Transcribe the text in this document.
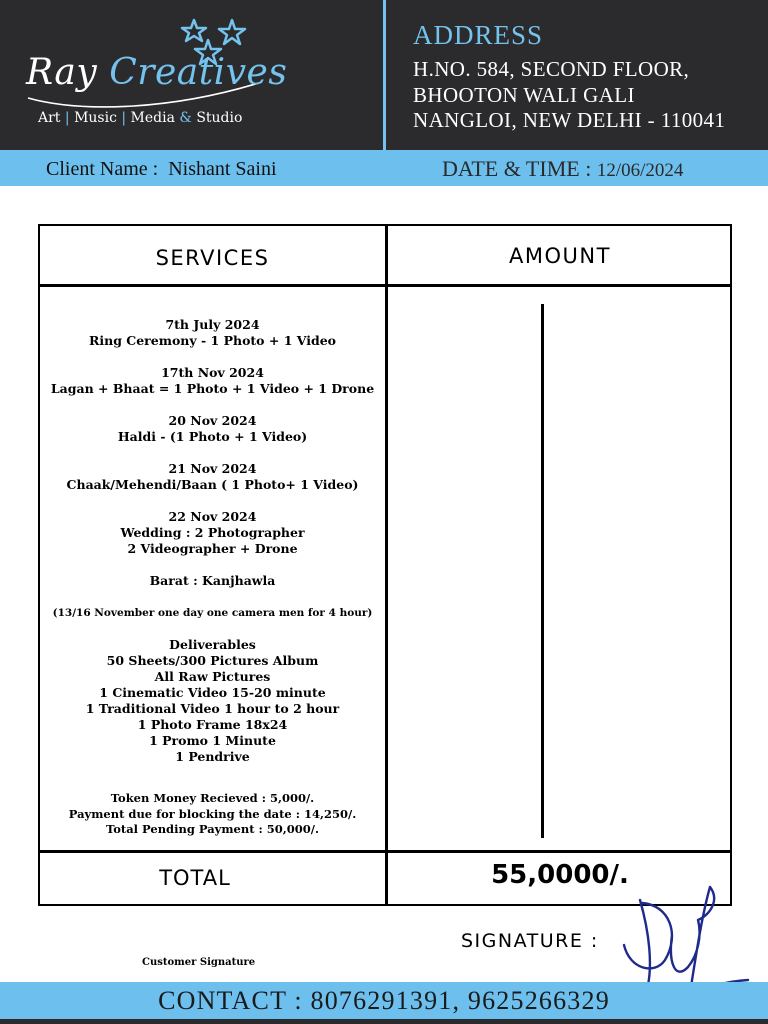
Ray Creatives
Art | Music | Media & Studio
ADDRESS
H.NO. 584, SECOND FLOOR,
BHOOTON WALI GALI
NANGLOI, NEW DELHI - 110041
Client Name : Nishant Saini	DATE & TIME : 12/06/2024
SERVICES	AMOUNT
7th July 2024
Ring Ceremony - 1 Photo + 1 Video
17th Nov 2024
Lagan + Bhaat = 1 Photo + 1 Video + 1 Drone
20 Nov 2024
Haldi - (1 Photo + 1 Video)
21 Nov 2024
Chaak/Mehendi/Baan ( 1 Photo+ 1 Video)
22 Nov 2024
Wedding : 2 Photographer
2 Videographer + Drone
Barat : Kanjhawla
(13/16 November one day one camera men for 4 hour)
Deliverables
50 Sheets/300 Pictures Album
All Raw Pictures
1 Cinematic Video 15-20 minute
1 Traditional Video 1 hour to 2 hour
1 Photo Frame 18x24
1 Promo 1 Minute
1 Pendrive
Token Money Recieved : 5,000/.
Payment due for blocking the date : 14,250/.
Total Pending Payment : 50,000/.
TOTAL	55,0000/.
SIGNATURE :
Customer Signature
CONTACT : 8076291391, 9625266329
